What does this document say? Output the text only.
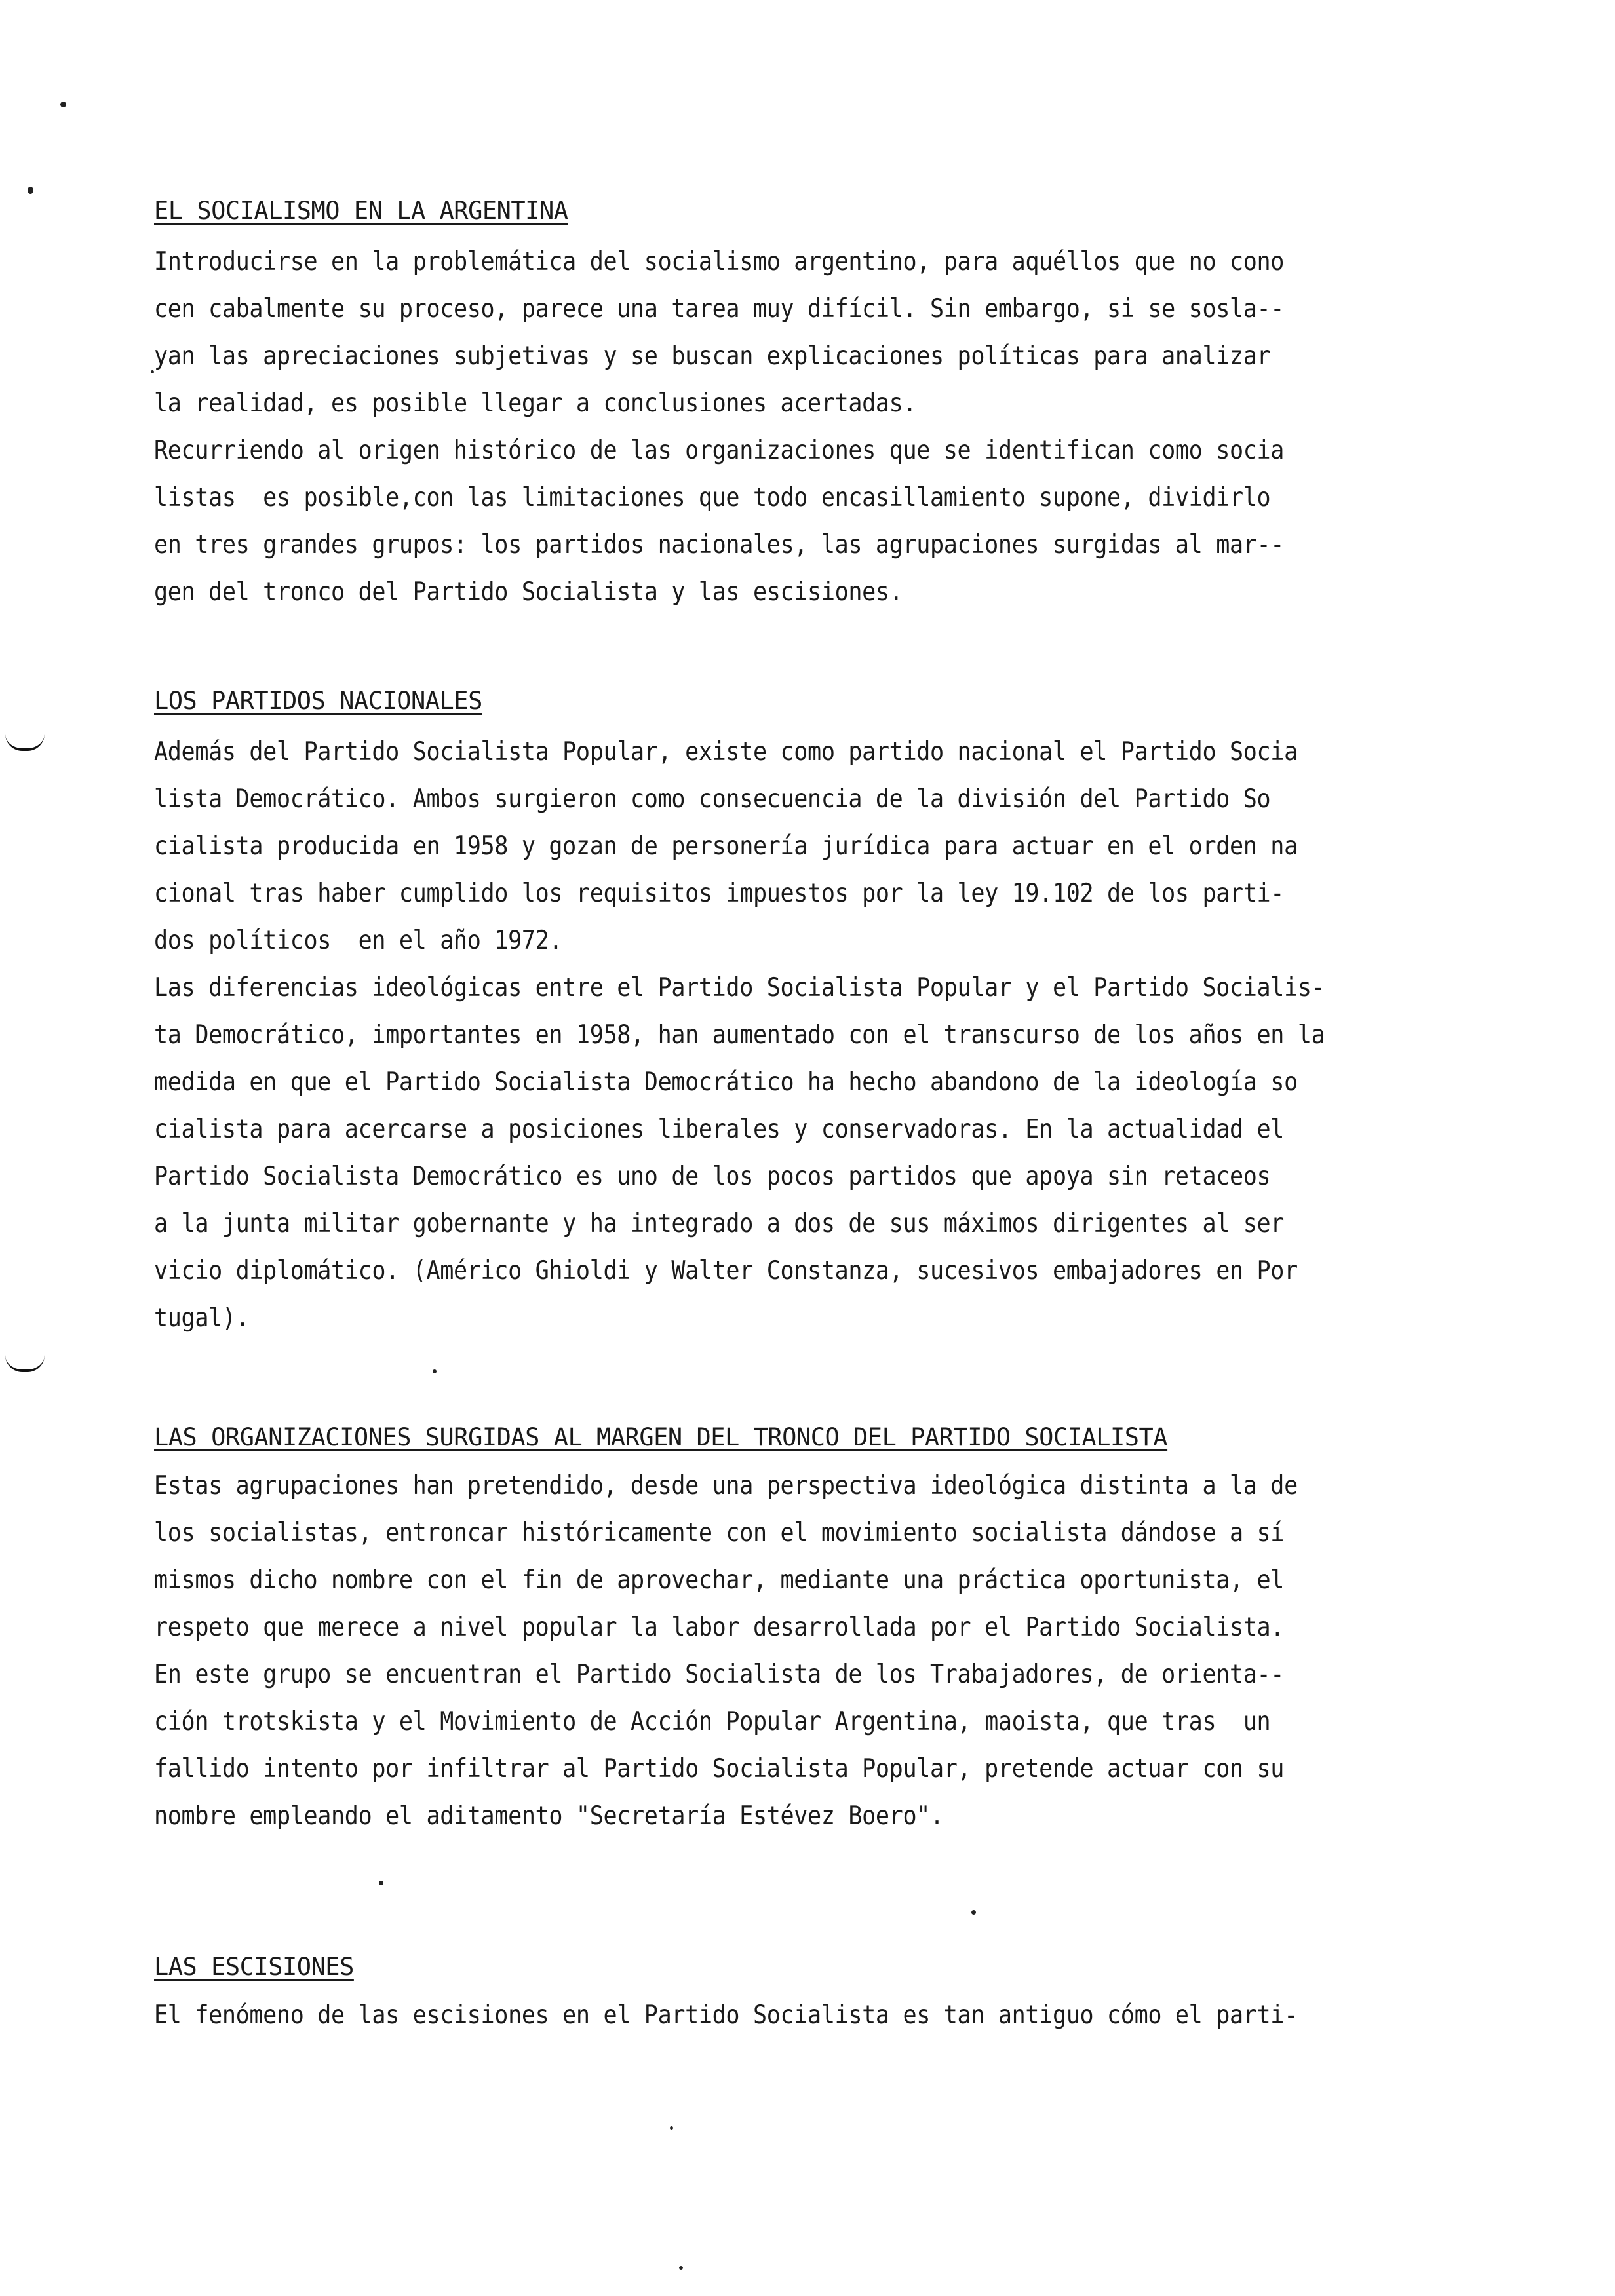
EL SOCIALISMO EN LA ARGENTINA
Introducirse en la problemática del socialismo argentino, para aquéllos que no cono
cen cabalmente su proceso, parece una tarea muy difícil. Sin embargo, si se sosla--
yan las apreciaciones subjetivas y se buscan explicaciones políticas para analizar
la realidad, es posible llegar a conclusiones acertadas.
Recurriendo al origen histórico de las organizaciones que se identifican como socia
listas  es posible,con las limitaciones que todo encasillamiento supone, dividirlo
en tres grandes grupos: los partidos nacionales, las agrupaciones surgidas al mar--
gen del tronco del Partido Socialista y las escisiones.
LOS PARTIDOS NACIONALES
Además del Partido Socialista Popular, existe como partido nacional el Partido Socia
lista Democrático. Ambos surgieron como consecuencia de la división del Partido So
cialista producida en 1958 y gozan de personería jurídica para actuar en el orden na
cional tras haber cumplido los requisitos impuestos por la ley 19.102 de los parti-
dos políticos  en el año 1972.
Las diferencias ideológicas entre el Partido Socialista Popular y el Partido Socialis-
ta Democrático, importantes en 1958, han aumentado con el transcurso de los años en la
medida en que el Partido Socialista Democrático ha hecho abandono de la ideología so
cialista para acercarse a posiciones liberales y conservadoras. En la actualidad el
Partido Socialista Democrático es uno de los pocos partidos que apoya sin retaceos
a la junta militar gobernante y ha integrado a dos de sus máximos dirigentes al ser
vicio diplomático. (Américo Ghioldi y Walter Constanza, sucesivos embajadores en Por
tugal).
LAS ORGANIZACIONES SURGIDAS AL MARGEN DEL TRONCO DEL PARTIDO SOCIALISTA
Estas agrupaciones han pretendido, desde una perspectiva ideológica distinta a la de
los socialistas, entroncar históricamente con el movimiento socialista dándose a sí
mismos dicho nombre con el fin de aprovechar, mediante una práctica oportunista, el
respeto que merece a nivel popular la labor desarrollada por el Partido Socialista.
En este grupo se encuentran el Partido Socialista de los Trabajadores, de orienta--
ción trotskista y el Movimiento de Acción Popular Argentina, maoista, que tras  un
fallido intento por infiltrar al Partido Socialista Popular, pretende actuar con su
nombre empleando el aditamento "Secretaría Estévez Boero".
LAS ESCISIONES
El fenómeno de las escisiones en el Partido Socialista es tan antiguo cómo el parti-
